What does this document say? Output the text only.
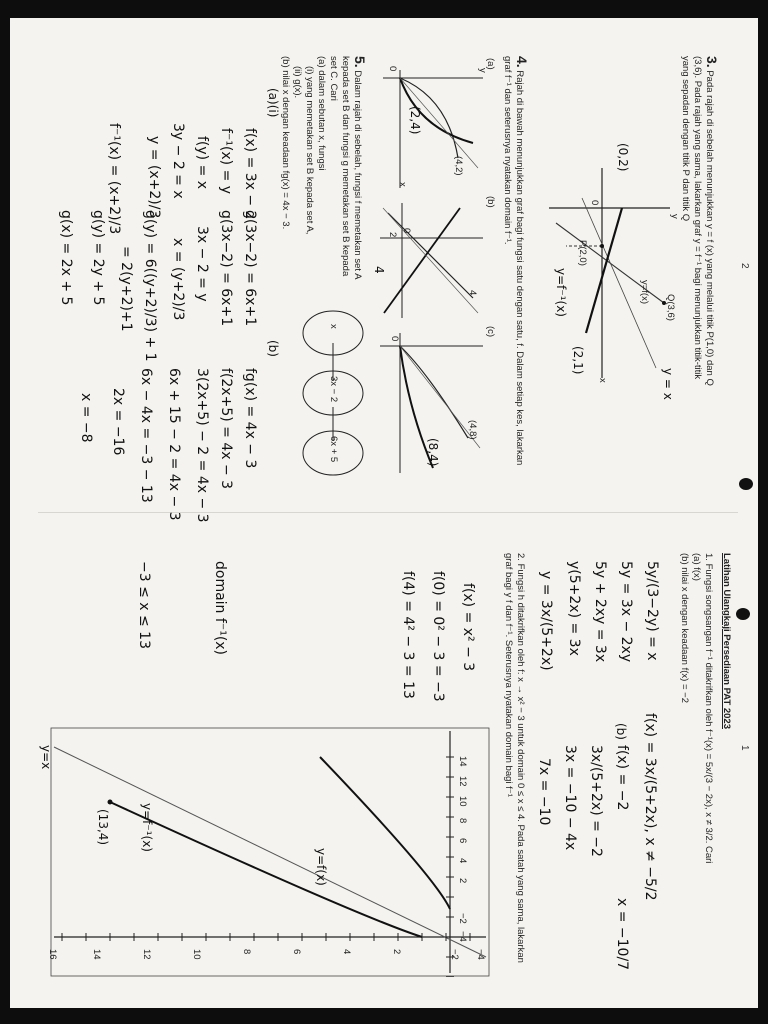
2
3. Pada rajah di sebelah menunjukkan y = f (x) yang melalui titik P(1,0) dan Q (3,6). Pada rajah yang sama, lakarkan graf y = f⁻¹ bagi menunjukkan titik-titik yang sepadan dengan titik P dan titik Q
Q(3,6)
P(2,0)
y=f(x)
y
x
0
(0,2)
y=f⁻¹(x)
(2,1)
y = x
4. Rajah di bawah menunjukkan graf bagi fungsi satu dengan satu, f. Dalam setiap kes, lakarkan graf f⁻¹ dan seterusnya nyatakan domain f⁻¹.
(a)
(b)
(c)
(4,2)
(2,4)
0	y
x
4
2
4
0
(4,8)
(8,4)
0
5. Dalam rajah di sebelah, fungsi f memetakan set A kepada set B dan fungsi g memetakan set B kepada set C. Cari
(a) dalam sebutan x, fungsi
(i) yang memetakan set B kepada set A,
(ii) g(x).
(b) nilai x dengan keadaan fg(x) = 4x − 3.
x
3x − 2
6x + 5
(a)(i)
f(x) = 3x − 2
f⁻¹(x) = y
f(y) = x
3y − 2 = x
y = (x+2)/3
f⁻¹(x) = (x+2)/3
g(3x−2) = 6x+1
g(3x−2) = 6x+1
3x − 2 = y
x = (y+2)/3
g(y) = 6((y+2)/3) + 1
= 2(y+2)+1
g(y) = 2y + 5
g(x) = 2x + 5
(b)
fg(x) = 4x − 3
f(2x+5) = 4x − 3
3(2x+5) − 2 = 4x − 3
6x + 15 − 2 = 4x − 3
6x − 4x = −3 − 13
2x = −16
x = −8
1
Latihan Ulangkaji Persediaan PAT 2023
1. Fungsi songsangan f⁻¹ ditakrifkan oleh f⁻¹(x) = 5x/(3 − 2x), x ≠ 3/2. Cari
(a) f(x)
(b) nilai x dengan keadaan f(x) = −2
5y/(3−2y) = x
5y = 3x − 2xy
5y + 2xy = 3x
y(5+2x) = 3x
y = 3x/(5+2x)
f(x) = 3x/(5+2x), x ≠ −5/2
(b)
f(x) = −2
3x/(5+2x) = −2
3x = −10 − 4x
7x = −10
x = −10/7
2. Fungsi h ditakrifkan oleh f: x → x² − 3 untuk domain 0 ≤ x ≤ 4. Pada satah yang sama, lakarkan graf bagi y f dan f⁻¹. Seterusnya nyatakan domain bagi f⁻¹
f(x) = x² − 3
f(0) = 0² − 3 = −3
f(4) = 4² − 3 = 13
domain f⁻¹(x)
−3 ≤ x ≤ 13
y=f(x)
y=f⁻¹(x)
y=x
(13,4)
14
12
10
8
6
4
2
−2
−4
−4
−2
2
4
6
8
10
12
14
16
